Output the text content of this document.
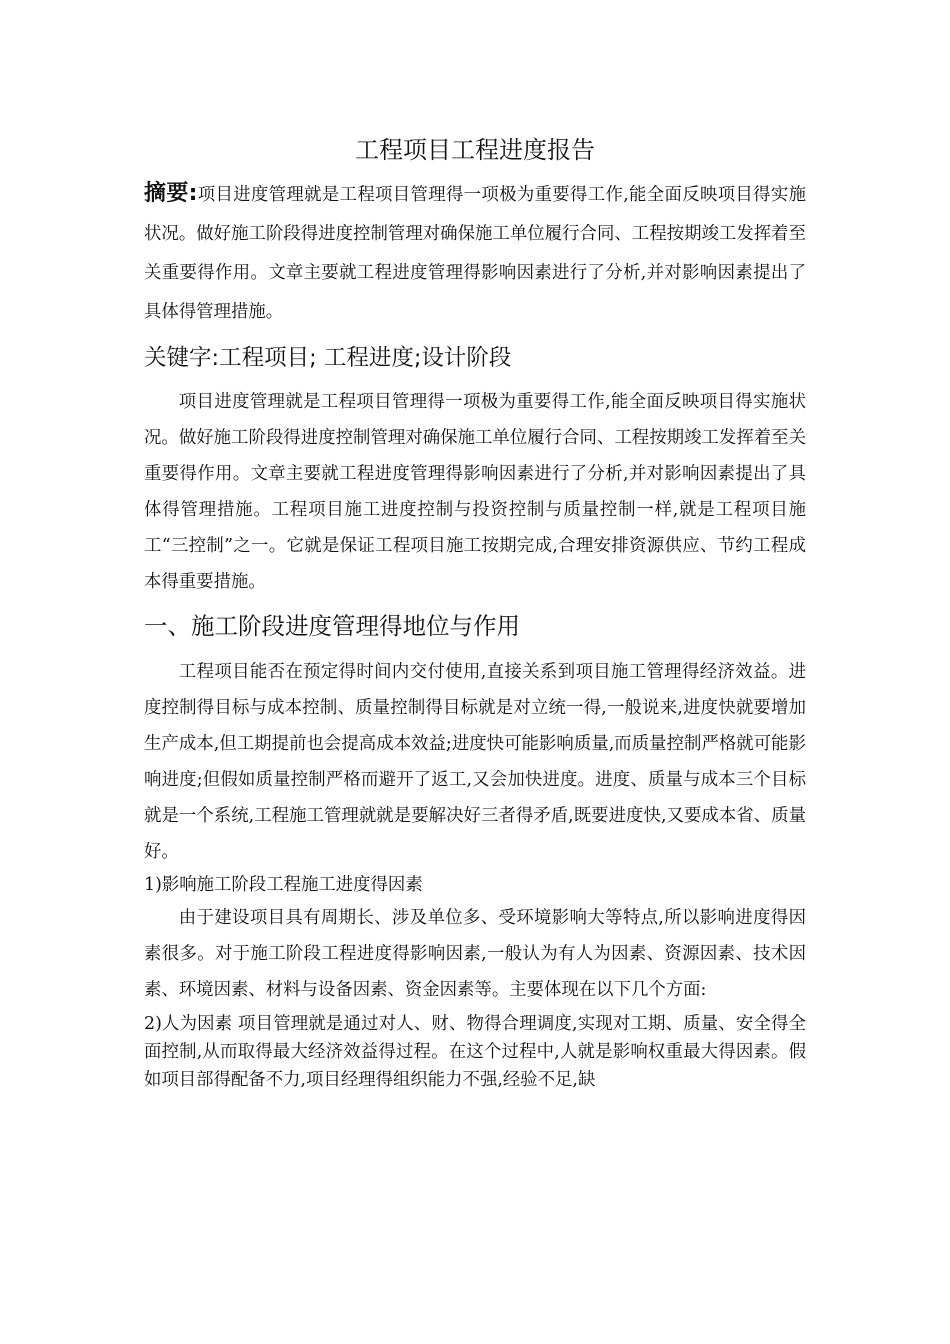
工程项目工程进度报告

摘要:项目进度管理就是工程项目管理得一项极为重要得工作,能全面反映项目得实施状况。做好施工阶段得进度控制管理对确保施工单位履行合同、工程按期竣工发挥着至关重要得作用。文章主要就工程进度管理得影响因素进行了分析,并对影响因素提出了具体得管理措施。

关键字:工程项目; 工程进度;设计阶段

项目进度管理就是工程项目管理得一项极为重要得工作,能全面反映项目得实施状况。做好施工阶段得进度控制管理对确保施工单位履行合同、工程按期竣工发挥着至关重要得作用。文章主要就工程进度管理得影响因素进行了分析,并对影响因素提出了具体得管理措施。工程项目施工进度控制与投资控制与质量控制一样,就是工程项目施工“三控制”之一。它就是保证工程项目施工按期完成,合理安排资源供应、节约工程成本得重要措施。

一、施工阶段进度管理得地位与作用

工程项目能否在预定得时间内交付使用,直接关系到项目施工管理得经济效益。进度控制得目标与成本控制、质量控制得目标就是对立统一得,一般说来,进度快就要增加生产成本,但工期提前也会提高成本效益;进度快可能影响质量,而质量控制严格就可能影响进度;但假如质量控制严格而避开了返工,又会加快进度。进度、质量与成本三个目标就是一个系统,工程施工管理就就是要解决好三者得矛盾,既要进度快,又要成本省、质量好。

1)影响施工阶段工程施工进度得因素

由于建设项目具有周期长、涉及单位多、受环境影响大等特点,所以影响进度得因素很多。对于施工阶段工程进度得影响因素,一般认为有人为因素、资源因素、技术因素、环境因素、材料与设备因素、资金因素等。主要体现在以下几个方面:

2)人为因素 项目管理就是通过对人、财、物得合理调度,实现对工期、质量、安全得全面控制,从而取得最大经济效益得过程。在这个过程中,人就是影响权重最大得因素。假如项目部得配备不力,项目经理得组织能力不强,经验不足,缺
